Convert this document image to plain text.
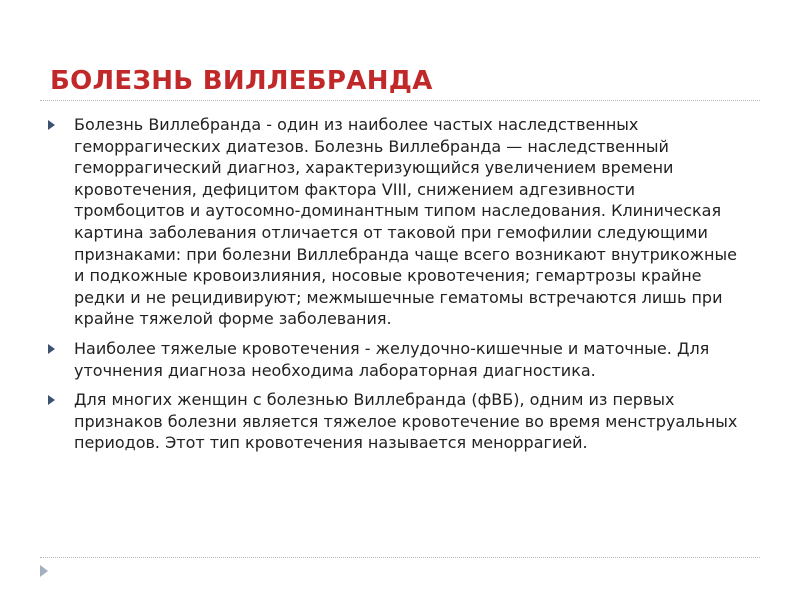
БОЛЕЗНЬ ВИЛЛЕБРАНДА
Болезнь Виллебранда - один из наиболее частых наследственных геморрагических диатезов. Болезнь Виллебранда — наследственный геморрагический диагноз, характеризующийся увеличением времени кровотечения, дефицитом фактора VIII, снижением адгезивности тромбоцитов и аутосомно-доминантным типом наследования. Клиническая картина заболевания отличается от таковой при гемофилии следующими признаками: при болезни Виллебранда чаще всего возникают внутрикожные и подкожные кровоизлияния, носовые кровотечения; гемартрозы крайне редки и не рецидивируют; межмышечные гематомы встречаются лишь при крайне тяжелой форме заболевания.
Наиболее тяжелые кровотечения - желудочно-кишечные и маточные. Для уточнения диагноза необходима лабораторная диагностика.
Для многих женщин с болезнью Виллебранда (фВБ), одним из первых признаков болезни является тяжелое кровотечение во время менструальных периодов. Этот тип кровотечения называется меноррагией.
